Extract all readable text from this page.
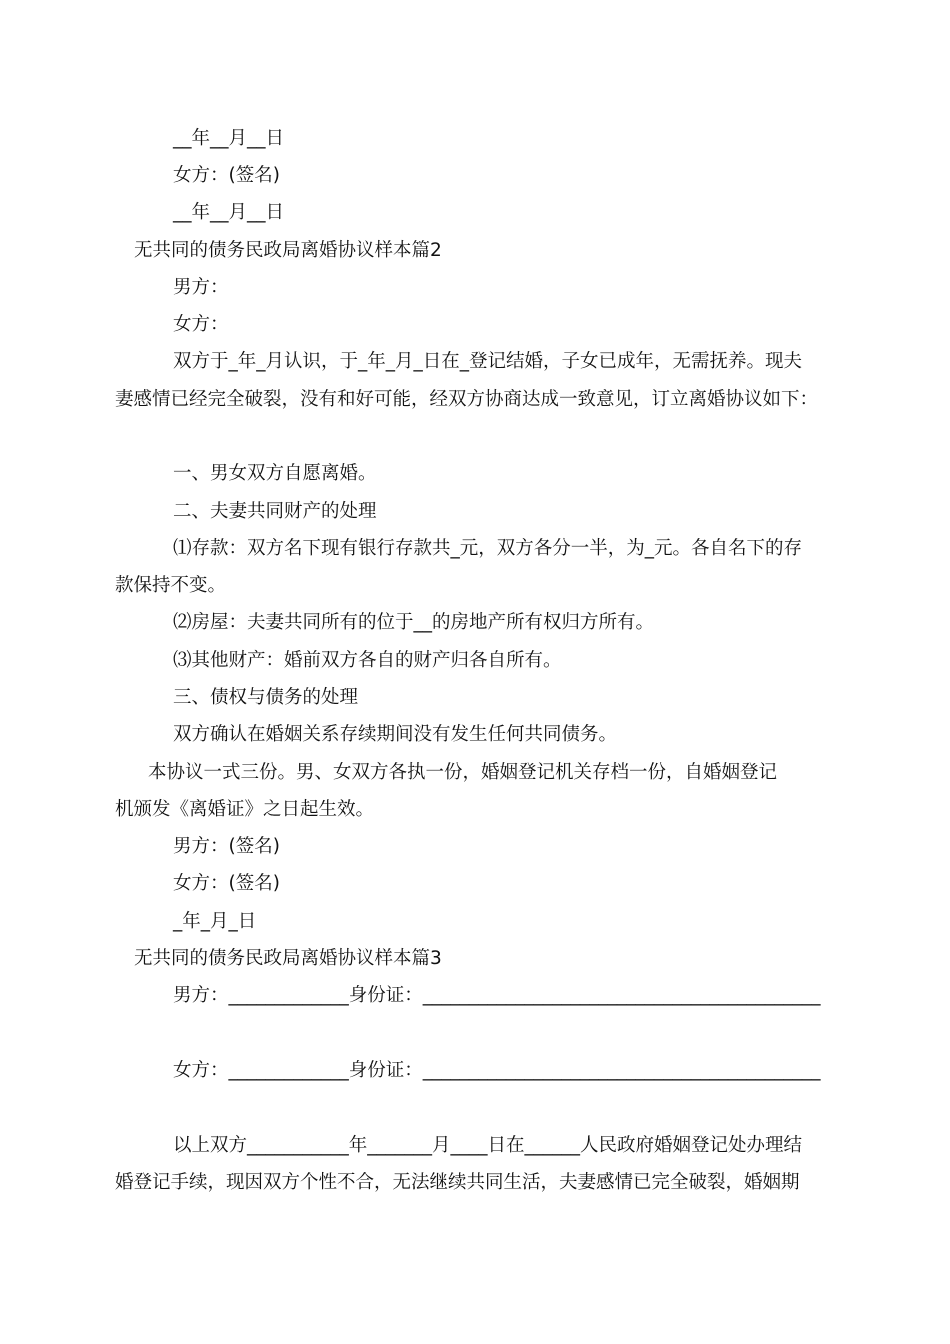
__年__月__日
女方：(签名)
__年__月__日
无共同的债务民政局离婚协议样本篇2
男方：
女方：
双方于_年_月认识，于_年_月_日在_登记结婚，子女已成年，无需抚养。现夫
妻感情已经完全破裂，没有和好可能，经双方协商达成一致意见，订立离婚协议如下：
一、男女双方自愿离婚。
二、夫妻共同财产的处理
⑴存款：双方名下现有银行存款共_元，双方各分一半，为_元。各自名下的存
款保持不变。
⑵房屋：夫妻共同所有的位于__的房地产所有权归方所有。
⑶其他财产：婚前双方各自的财产归各自所有。
三、债权与债务的处理
双方确认在婚姻关系存续期间没有发生任何共同债务。
本协议一式三份。男、女双方各执一份，婚姻登记机关存档一份，自婚姻登记
机颁发《离婚证》之日起生效。
男方：(签名)
女方：(签名)
_年_月_日
无共同的债务民政局离婚协议样本篇3
男方：_____________身份证：___________________________________________
女方：_____________身份证：___________________________________________
以上双方___________年_______月____日在______人民政府婚姻登记处办理结
婚登记手续，现因双方个性不合，无法继续共同生活，夫妻感情已完全破裂，婚姻期
